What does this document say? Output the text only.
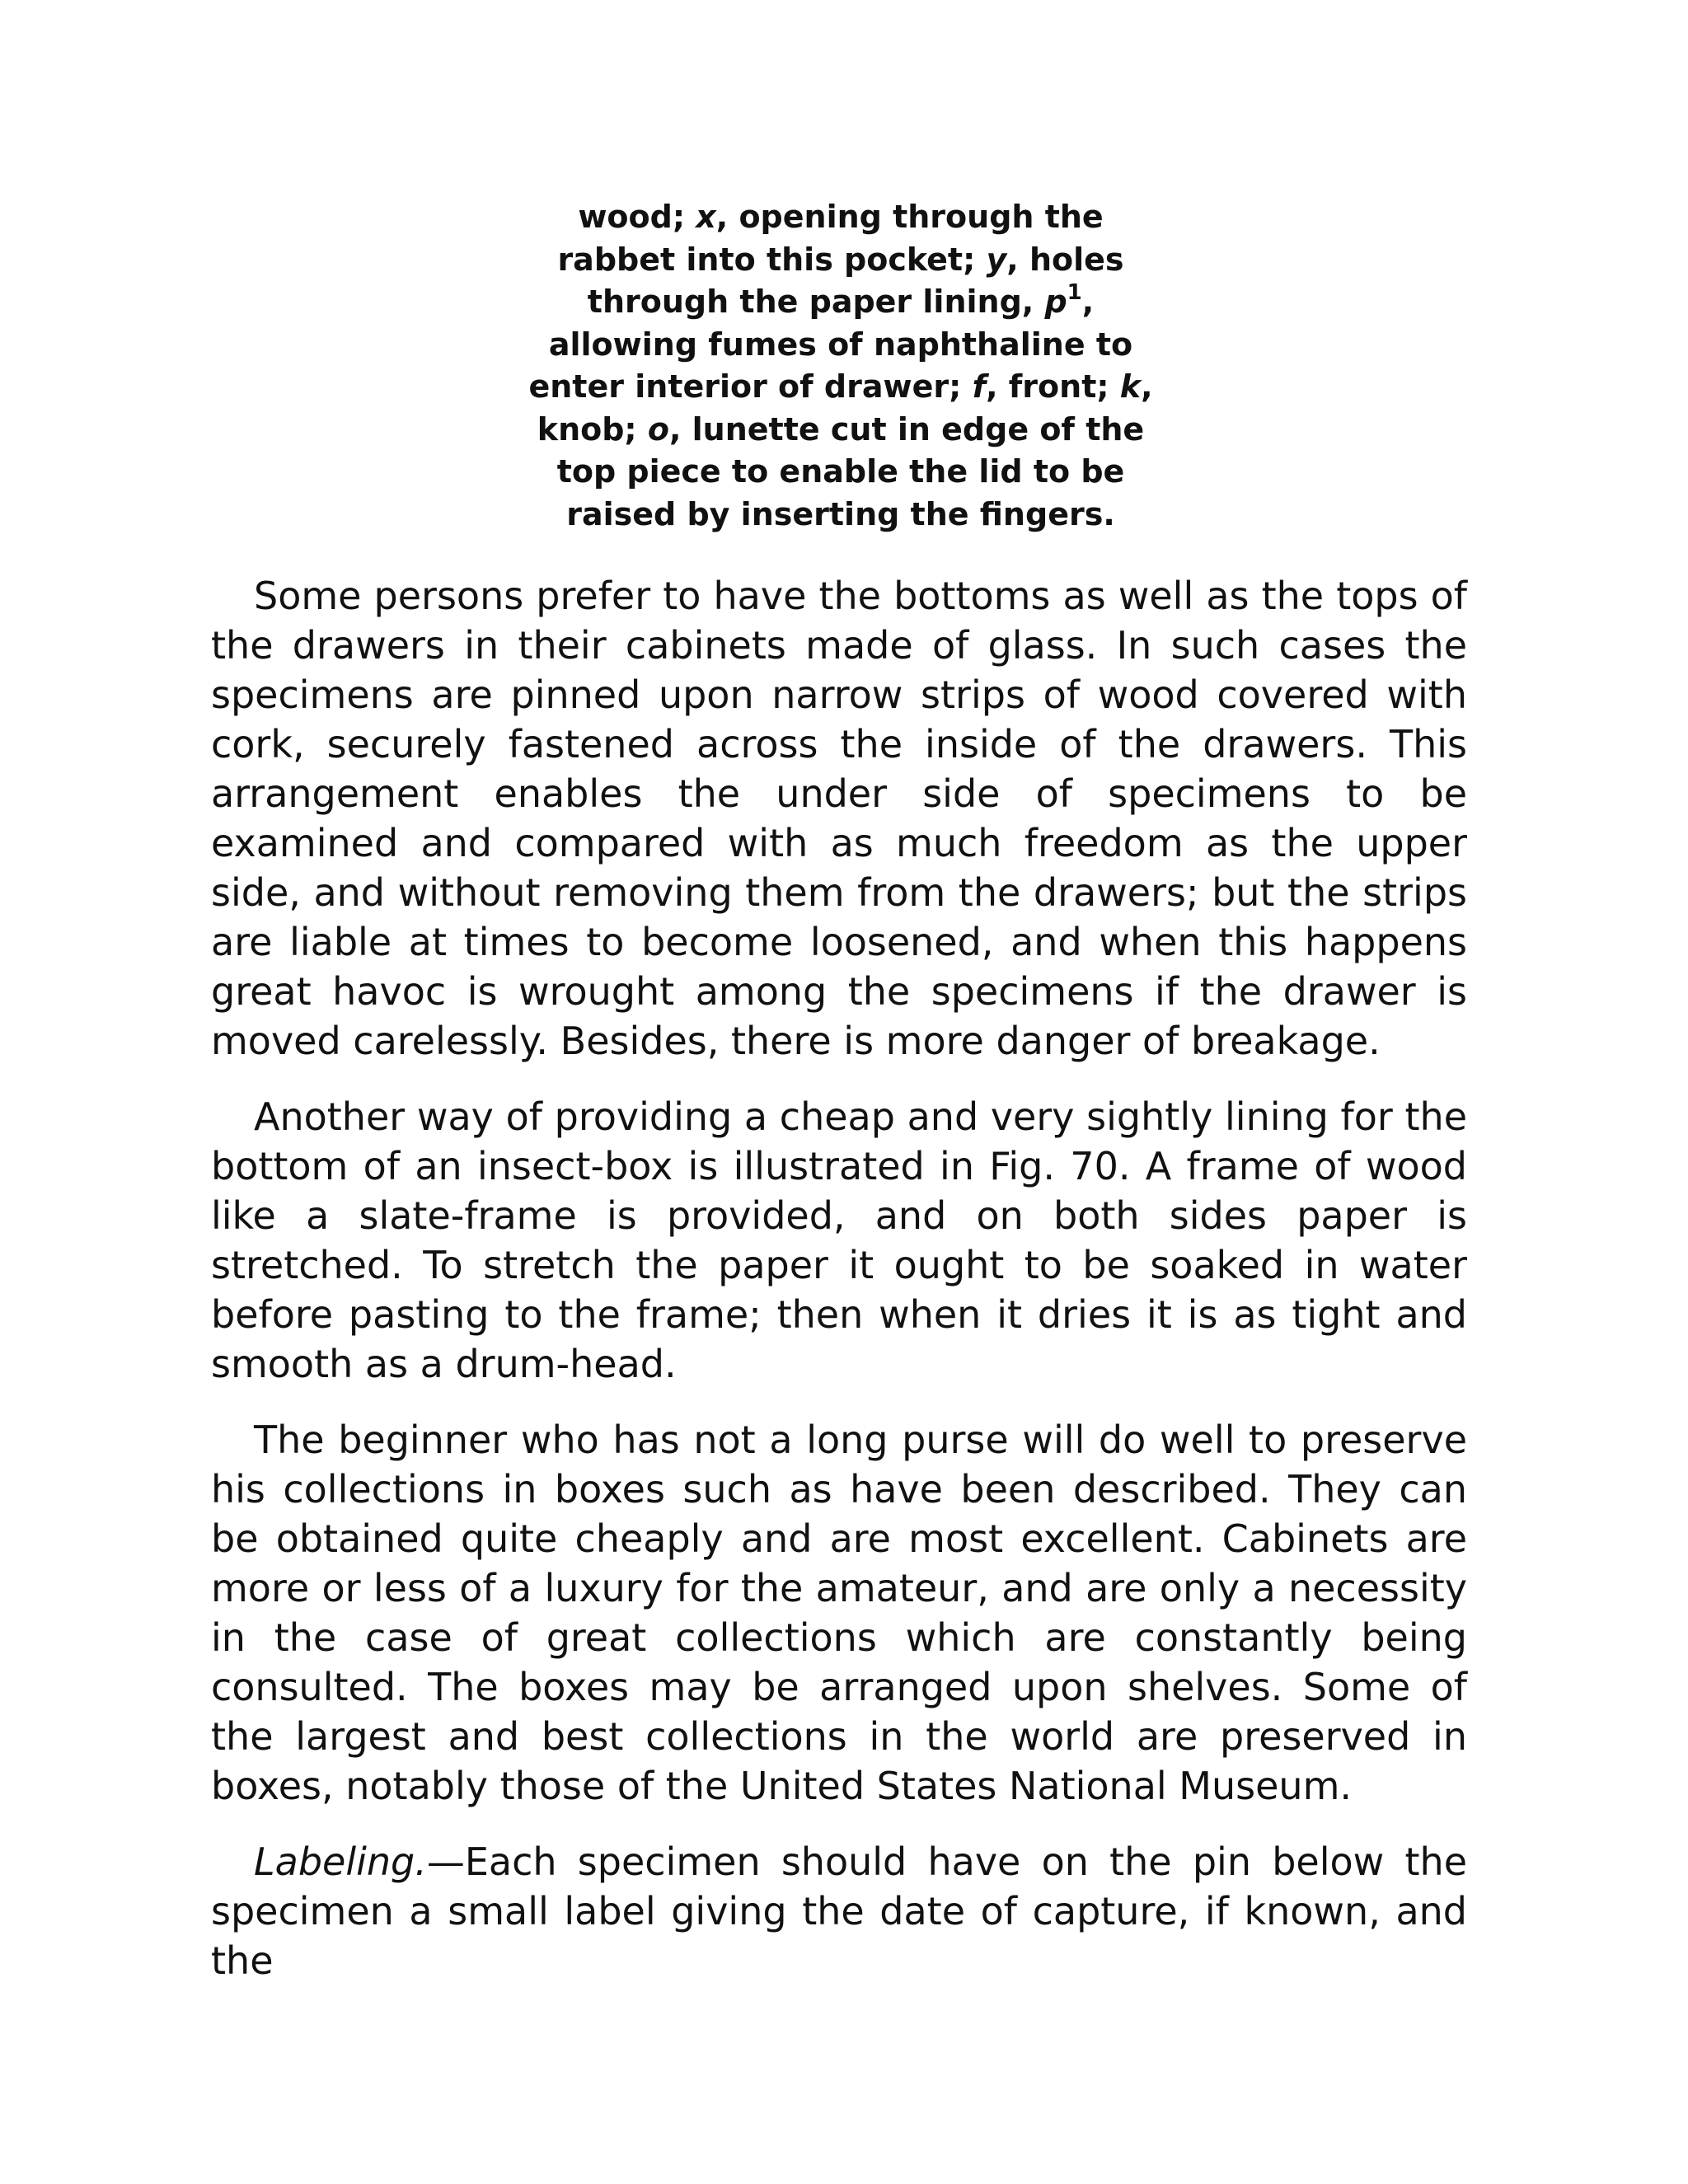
wood; x, opening through the rabbet into this pocket; y, holes through the paper lining, $p^1$, allowing fumes of naphthaline to enter interior of drawer; f, front; k, knob; o, lunette cut in edge of the top piece to enable the lid to be raised by inserting the fingers.

Some persons prefer to have the bottoms as well as the tops of the drawers in their cabinets made of glass. In such cases the specimens are pinned upon narrow strips of wood covered with cork, securely fastened across the inside of the drawers. This arrangement enables the under side of specimens to be examined and compared with as much freedom as the upper side, and without removing them from the drawers; but the strips are liable at times to become loosened, and when this happens great havoc is wrought among the specimens if the drawer is moved carelessly. Besides, there is more danger of breakage.

Another way of providing a cheap and very sightly lining for the bottom of an insect-box is illustrated in Fig. 70. A frame of wood like a slate-frame is provided, and on both sides paper is stretched. To stretch the paper it ought to be soaked in water before pasting to the frame; then when it dries it is as tight and smooth as a drum-head.

The beginner who has not a long purse will do well to preserve his collections in boxes such as have been described. They can be obtained quite cheaply and are most excellent. Cabinets are more or less of a luxury for the amateur, and are only a necessity in the case of great collections which are constantly being consulted. The boxes may be arranged upon shelves. Some of the largest and best collections in the world are preserved in boxes, notably those of the United States National Museum.

Labeling.—Each specimen should have on the pin below the specimen a small label giving the date of capture, if known, and the
